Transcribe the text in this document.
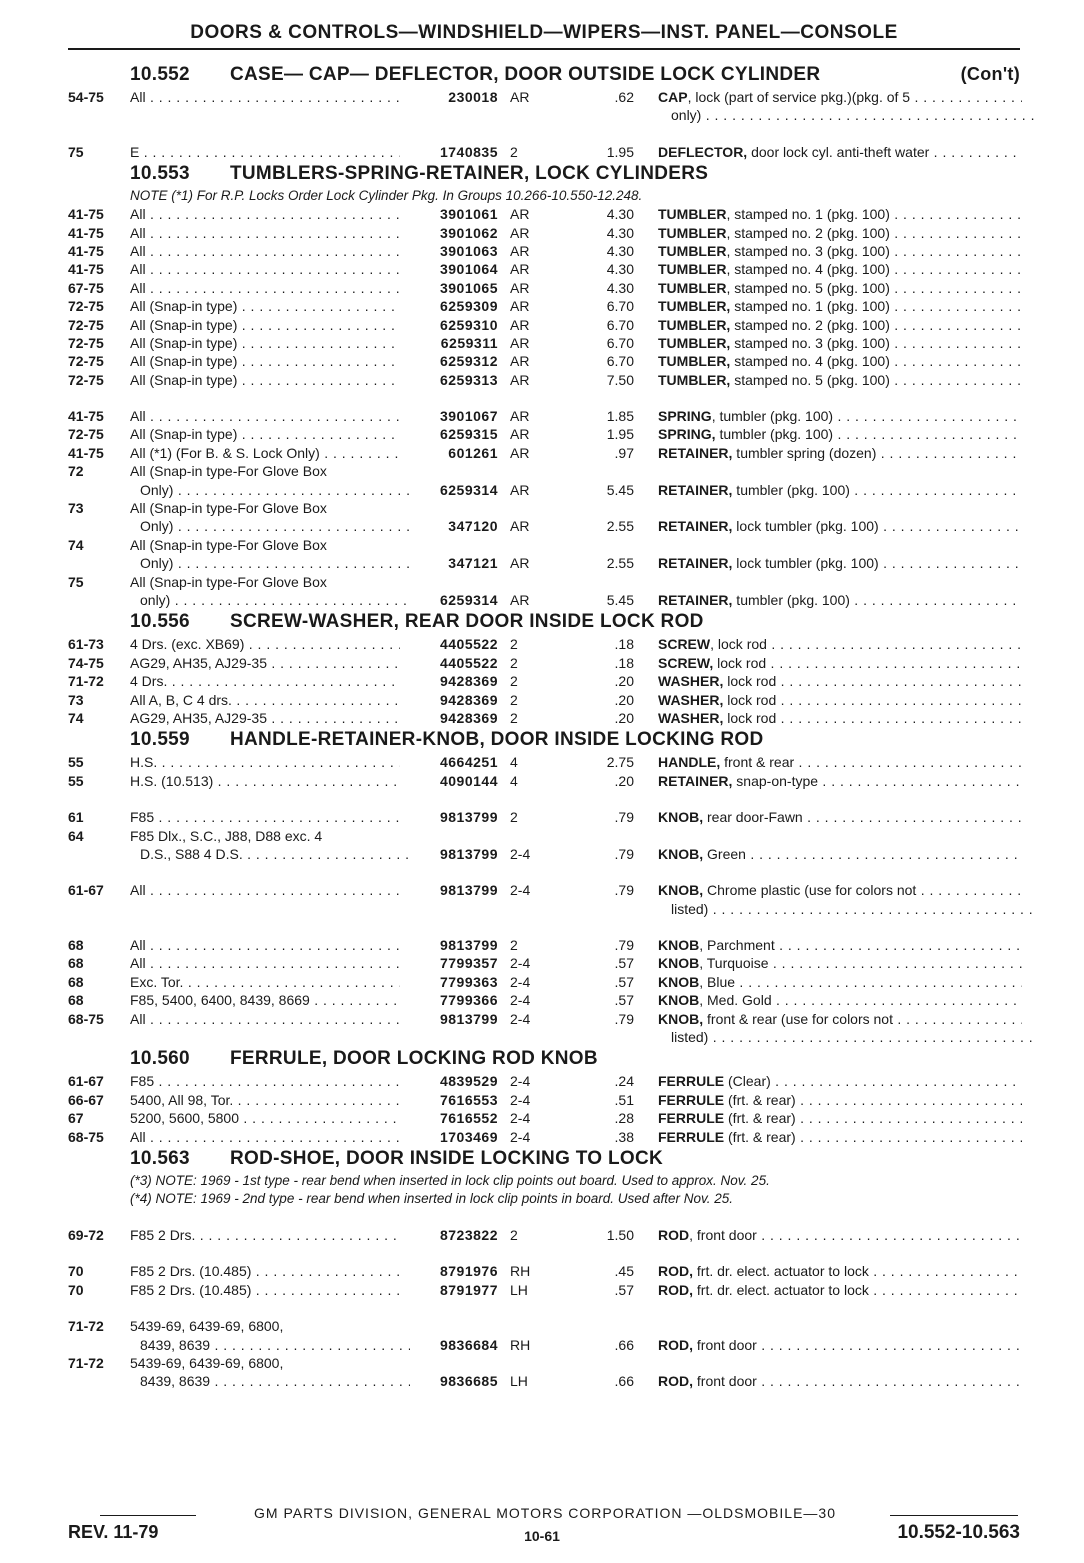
DOORS & CONTROLS—WINDSHIELD—WIPERS—INST. PANEL—CONSOLE
10.552 CASE— CAP— DEFLECTOR, DOOR OUTSIDE LOCK CYLINDER	(Con't)
54-75 All . . .	230018 AR	.62 CAP, lock (part of service pkg.)(pkg. of 5 . . .
only) . . .
75	E . . .	1740835 2	1.95 DEFLECTOR, door lock cyl. anti-theft water . . .
10.553 TUMBLERS-SPRING-RETAINER, LOCK CYLINDERS
NOTE (*1) For R.P. Locks Order Lock Cylinder Pkg. In Groups 10.266-10.550-12.248.
41-75 All . . .	3901061 AR	4.30 TUMBLER, stamped no. 1 (pkg. 100) . . .
41-75 All . . .	3901062 AR	4.30 TUMBLER, stamped no. 2 (pkg. 100) . . .
41-75 All . . .	3901063 AR	4.30 TUMBLER, stamped no. 3 (pkg. 100) . . .
41-75 All . . .	3901064 AR	4.30 TUMBLER, stamped no. 4 (pkg. 100) . . .
67-75 All . . .	3901065 AR	4.30 TUMBLER, stamped no. 5 (pkg. 100) . . .
72-75 All (Snap-in type) . . .	6259309 AR	6.70 TUMBLER, stamped no. 1 (pkg. 100) . . .
72-75 All (Snap-in type) . . .	6259310 AR	6.70 TUMBLER, stamped no. 2 (pkg. 100) . . .
72-75 All (Snap-in type) . . .	6259311 AR	6.70 TUMBLER, stamped no. 3 (pkg. 100) . . .
72-75 All (Snap-in type) . . .	6259312 AR	6.70 TUMBLER, stamped no. 4 (pkg. 100) . . .
72-75 All (Snap-in type) . . .	6259313 AR	7.50 TUMBLER, stamped no. 5 (pkg. 100) . . .
41-75 All . . .	3901067 AR	1.85 SPRING, tumbler (pkg. 100) . . .
72-75 All (Snap-in type) . . .	6259315 AR	1.95 SPRING, tumbler (pkg. 100) . . .
41-75 All (*1) (For B. & S. Lock Only) . . .	601261 AR	.97 RETAINER, tumbler spring (dozen) . . .
72	All (Snap-in type-For Glove Box
Only) . . .	6259314 AR	5.45 RETAINER, tumbler (pkg. 100) . . .
73	All (Snap-in type-For Glove Box
Only) . . .	347120 AR	2.55 RETAINER, lock tumbler (pkg. 100) . . .
74	All (Snap-in type-For Glove Box
Only) . . .	347121 AR	2.55 RETAINER, lock tumbler (pkg. 100) . . .
75	All (Snap-in type-For Glove Box
only) . . .	6259314 AR	5.45 RETAINER, tumbler (pkg. 100) . . .
10.556 SCREW-WASHER, REAR DOOR INSIDE LOCK ROD
61-73 4 Drs. (exc. XB69) . . .	4405522 2	.18 SCREW, lock rod . . .
74-75 AG29, AH35, AJ29-35 . . .	4405522 2	.18 SCREW, lock rod . . .
71-72 4 Drs. . . .	9428369 2	.20 WASHER, lock rod . . .
73	All A, B, C 4 drs. . . .	9428369 2	.20 WASHER, lock rod . . .
74	AG29, AH35, AJ29-35 . . .	9428369 2	.20 WASHER, lock rod . . .
10.559 HANDLE-RETAINER-KNOB, DOOR INSIDE LOCKING ROD
55	H.S. . . .	4664251 4	2.75 HANDLE, front & rear . . .
55	H.S. (10.513) . . .	4090144 4	.20 RETAINER, snap-on-type . . .
61	F85 . . .	9813799 2	.79 KNOB, rear door-Fawn . . .
64	F85 Dlx., S.C., J88, D88 exc. 4
D.S., S88 4 D.S. . . .	9813799 2-4	.79 KNOB, Green . . .
61-67 All . . .	9813799 2-4	.79 KNOB, Chrome plastic (use for colors not . . .
listed) . . .
68	All . . .	9813799 2	.79 KNOB, Parchment . . .
68	All . . .	7799357 2-4	.57 KNOB, Turquoise . . .
68	Exc. Tor. . . .	7799363 2-4	.57 KNOB, Blue . . .
68	F85, 5400, 6400, 8439, 8669 . . .	7799366 2-4	.57 KNOB, Med. Gold . . .
68-75 All . . .	9813799 2-4	.79 KNOB, front & rear (use for colors not . . .
listed) . . .
10.560 FERRULE, DOOR LOCKING ROD KNOB
61-67 F85 . . .	4839529 2-4	.24 FERRULE (Clear) . . .
66-67 5400, All 98, Tor. . . .	7616553 2-4	.51 FERRULE (frt. & rear) . . .
67	5200, 5600, 5800 . . .	7616552 2-4	.28 FERRULE (frt. & rear) . . .
68-75 All . . .	1703469 2-4	.38 FERRULE (frt. & rear) . . .
10.563 ROD-SHOE, DOOR INSIDE LOCKING TO LOCK
(*3) NOTE: 1969 - 1st type - rear bend when inserted in lock clip points out board. Used to approx. Nov. 25.
(*4) NOTE: 1969 - 2nd type - rear bend when inserted in lock clip points in board. Used after Nov. 25.
69-72 F85 2 Drs. . . .	8723822 2	1.50 ROD, front door . . .
70	F85 2 Drs. (10.485) . . .	8791976 RH	.45 ROD, frt. dr. elect. actuator to lock . . .
70	F85 2 Drs. (10.485) . . .	8791977 LH	.57 ROD, frt. dr. elect. actuator to lock . . .
71-72 5439-69, 6439-69, 6800,
8439, 8639 . . .	9836684 RH	.66 ROD, front door . . .
71-72 5439-69, 6439-69, 6800,
8439, 8639 . . .	9836685 LH	.66 ROD, front door . . .
GM PARTS DIVISION, GENERAL MOTORS CORPORATION —OLDSMOBILE—30
REV. 11-79	10-61	10.552-10.563
